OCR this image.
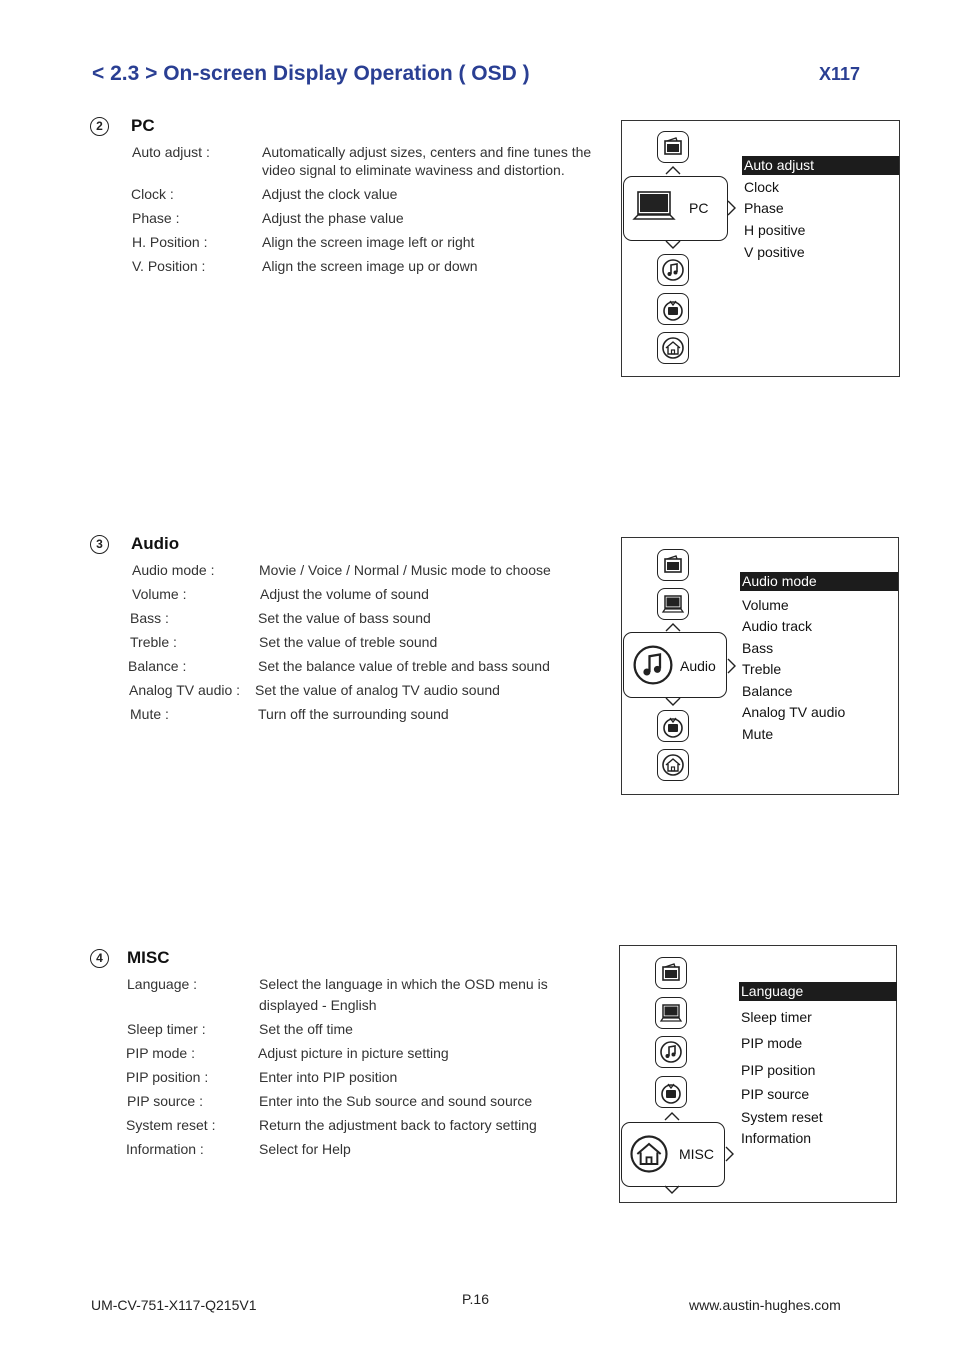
< 2.3 > On-screen Display Operation ( OSD )	X117
2	PC
Auto adjust :	Automatically adjust sizes, centers and fine tunes the
video signal to eliminate waviness and distortion.
Clock :	Adjust the clock value
Phase :	Adjust the phase value
H. Position :	Align the screen image left or right
V. Position :	Align the screen image up or down
PC
Auto adjust
Clock
Phase
H positive
V positive
3	Audio
Audio mode :	Movie / Voice / Normal / Music mode to choose
Volume :	Adjust the volume of sound
Bass :	Set the value of bass sound
Treble :	Set the value of treble sound
Balance :	Set the balance value of treble and bass sound
Analog TV audio : Set the value of analog TV audio sound
Mute :	Turn off the surrounding sound
Audio
Audio mode
Volume
Audio track
Bass
Treble
Balance
Analog TV audio
Mute
4	MISC
Language :	Select the language in which the OSD menu is
displayed - English
Sleep timer :	Set the off time
PIP mode :	Adjust picture in picture setting
PIP position :	Enter into PIP position
PIP source :	Enter into the Sub source and sound source
System reset :	Return the adjustment back to factory setting
Information :	Select for Help	MISC
Language
Sleep timer
PIP mode
PIP position
PIP source
System reset
Information
UM-CV-751-X117-Q215V1	P.16	www.austin-hughes.com
